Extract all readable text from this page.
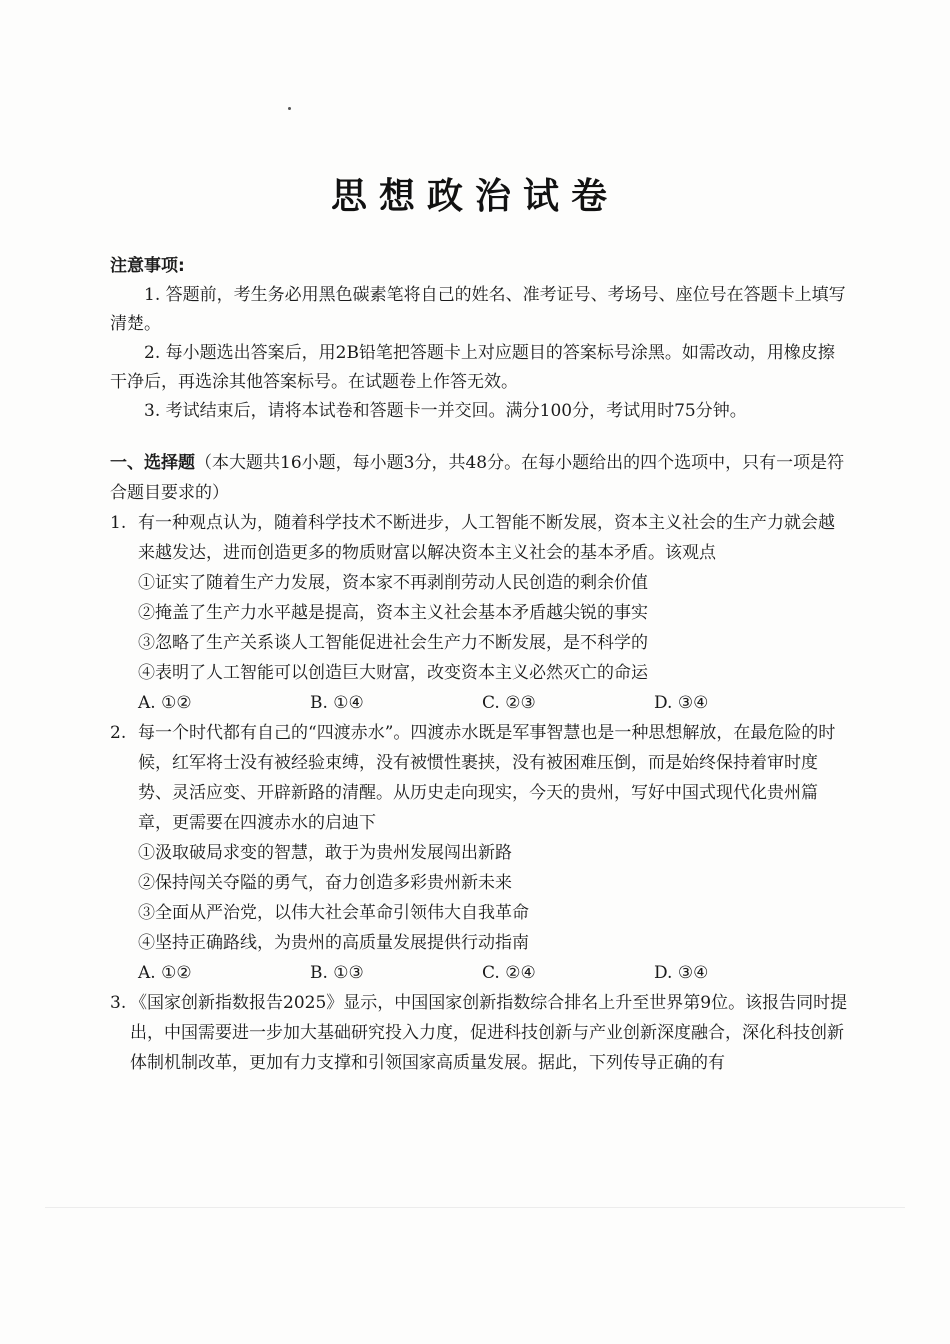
思想政治试卷
注意事项:

1. 答题前，考生务必用黑色碳素笔将自己的姓名、准考证号、考场号、座位号在答题卡上填写清楚。

2. 每小题选出答案后，用2B铅笔把答题卡上对应题目的答案标号涂黑。如需改动，用橡皮擦干净后，再选涂其他答案标号。在试题卷上作答无效。

3. 考试结束后，请将本试卷和答题卡一并交回。满分100分，考试用时75分钟。

一、选择题（本大题共16小题，每小题3分，共48分。在每小题给出的四个选项中，只有一项是符合题目要求的）
1. 有一种观点认为，随着科学技术不断进步，人工智能不断发展，资本主义社会的生产力就会越来越发达，进而创造更多的物质财富以解决资本主义社会的基本矛盾。该观点
①证实了随着生产力发展，资本家不再剥削劳动人民创造的剩余价值
②掩盖了生产力水平越是提高，资本主义社会基本矛盾越尖锐的事实
③忽略了生产关系谈人工智能促进社会生产力不断发展，是不科学的
④表明了人工智能可以创造巨大财富，改变资本主义必然灭亡的命运
A. ①②	B. ①④	C. ②③	D. ③④
2. 每一个时代都有自己的“四渡赤水”。四渡赤水既是军事智慧也是一种思想解放，在最危险的时候，红军将士没有被经验束缚，没有被惯性裹挟，没有被困难压倒，而是始终保持着审时度势、灵活应变、开辟新路的清醒。从历史走向现实，今天的贵州，写好中国式现代化贵州篇章，更需要在四渡赤水的启迪下
①汲取破局求变的智慧，敢于为贵州发展闯出新路
②保持闯关夺隘的勇气，奋力创造多彩贵州新未来
③全面从严治党，以伟大社会革命引领伟大自我革命
④坚持正确路线，为贵州的高质量发展提供行动指南
A. ①②	B. ①③	C. ②④	D. ③④
3. 《国家创新指数报告2025》显示，中国国家创新指数综合排名上升至世界第9位。该报告同时提出，中国需要进一步加大基础研究投入力度，促进科技创新与产业创新深度融合，深化科技创新体制机制改革，更加有力支撑和引领国家高质量发展。据此，下列传导正确的有
